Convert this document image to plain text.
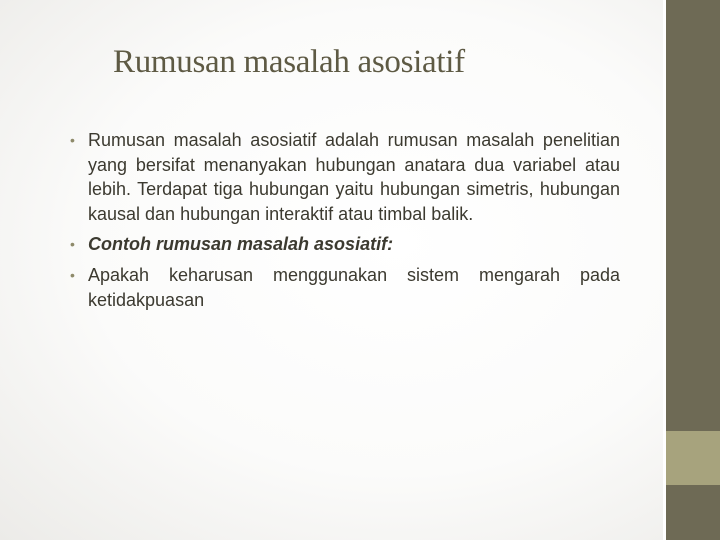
Rumusan masalah asosiatif
• Rumusan masalah asosiatif adalah rumusan masalah penelitian yang bersifat menanyakan hubungan anatara dua variabel atau lebih. Terdapat tiga hubungan yaitu hubungan simetris, hubungan kausal dan hubungan interaktif atau timbal balik.
• Contoh rumusan masalah asosiatif:
• Apakah keharusan menggunakan sistem mengarah pada ketidakpuasan
